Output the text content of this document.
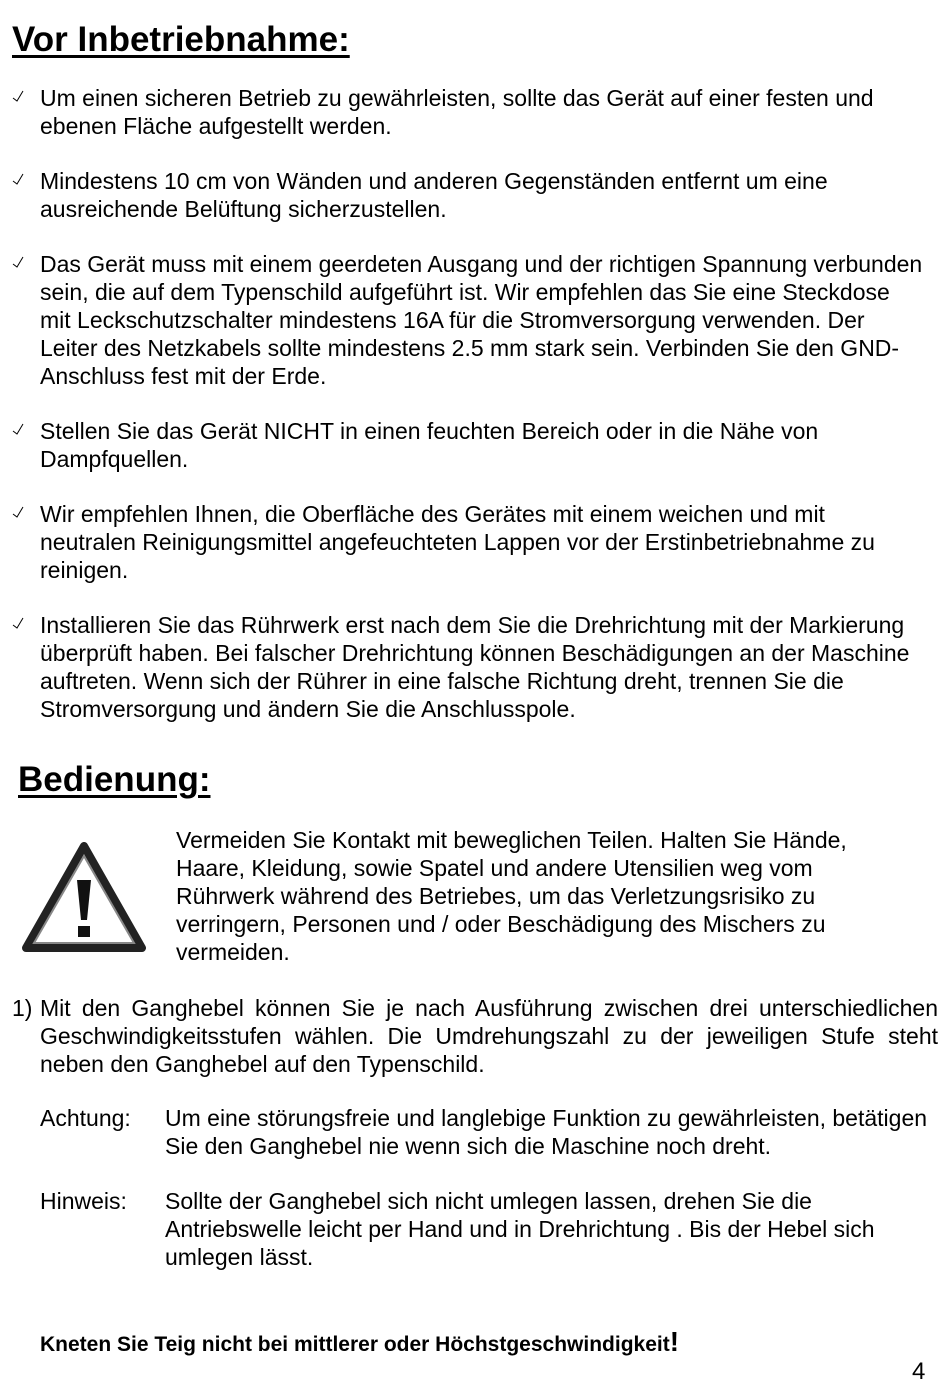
Vor Inbetriebnahme:
Um einen sicheren Betrieb zu gewährleisten, sollte das Gerät auf einer festen und ebenen Fläche aufgestellt werden.
Mindestens 10 cm von Wänden und anderen Gegenständen entfernt um eine ausreichende Belüftung sicherzustellen.
Das Gerät muss mit einem geerdeten Ausgang und der richtigen Spannung verbunden sein, die auf dem Typenschild aufgeführt ist. Wir empfehlen das Sie eine Steckdose mit Leckschutzschalter mindestens 16A für die Stromversorgung verwenden. Der Leiter des Netzkabels sollte mindestens 2.5 mm stark sein. Verbinden Sie den GND-Anschluss fest mit der Erde.
Stellen Sie das Gerät NICHT in einen feuchten Bereich oder in die Nähe von Dampfquellen.
Wir empfehlen Ihnen, die Oberfläche des Gerätes mit einem weichen und mit neutralen Reinigungsmittel angefeuchteten Lappen vor der Erstinbetriebnahme zu reinigen.
Installieren Sie das Rührwerk erst nach dem Sie die Drehrichtung mit der Markierung überprüft haben. Bei falscher Drehrichtung können Beschädigungen an der Maschine auftreten. Wenn sich der Rührer in eine falsche Richtung dreht, trennen Sie die Stromversorgung und ändern Sie die Anschlusspole.
Bedienung:
Vermeiden Sie Kontakt mit beweglichen Teilen. Halten Sie Hände, Haare, Kleidung, sowie Spatel und andere Utensilien weg vom Rührwerk während des Betriebes, um das Verletzungsrisiko zu verringern, Personen und / oder Beschädigung des Mischers zu vermeiden.
1) Mit den Ganghebel können Sie je nach Ausführung zwischen drei unterschiedlichen Geschwindigkeitsstufen wählen. Die Umdrehungszahl zu der jeweiligen Stufe steht neben den Ganghebel auf den Typenschild.
Achtung: Um eine störungsfreie und langlebige Funktion zu gewährleisten, betätigen Sie den Ganghebel nie wenn sich die Maschine noch dreht.
Hinweis: Sollte der Ganghebel sich nicht umlegen lassen, drehen Sie die Antriebswelle leicht per Hand und in Drehrichtung . Bis der Hebel sich umlegen lässt.
Kneten Sie Teig nicht bei mittlerer oder Höchstgeschwindigkeit!
4
